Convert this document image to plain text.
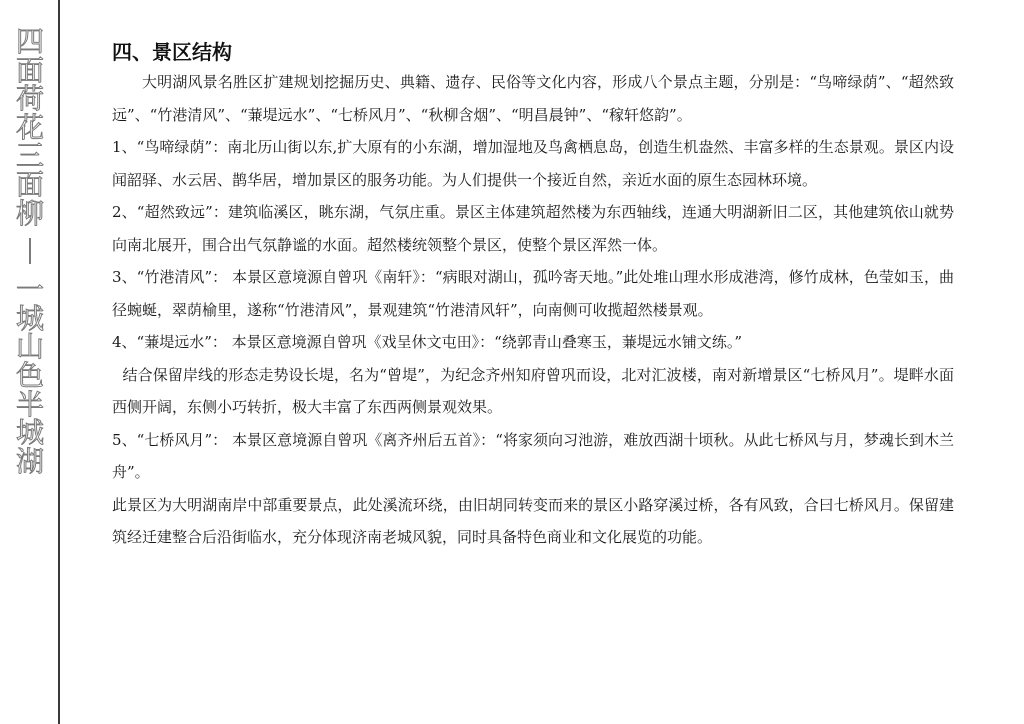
四面荷花三面柳
一城山色半城湖
四、景区结构

大明湖风景名胜区扩建规划挖掘历史、典籍、遗存、民俗等文化内容，形成八个景点主题，分别是：“鸟啼绿荫”、“超然致远”、“竹港清风”、“蒹堤远水”、“七桥风月”、“秋柳含烟”、“明昌晨钟”、“稼轩悠韵”。

1、“鸟啼绿荫”：南北历山街以东,扩大原有的小东湖，增加湿地及鸟禽栖息岛，创造生机盎然、丰富多样的生态景观。景区内设闻韶驿、水云居、鹊华居，增加景区的服务功能。为人们提供一个接近自然，亲近水面的原生态园林环境。

2、“超然致远”：建筑临溪区，眺东湖，气氛庄重。景区主体建筑超然楼为东西轴线，连通大明湖新旧二区，其他建筑依山就势向南北展开，围合出气氛静谧的水面。超然楼统领整个景区，使整个景区浑然一体。

3、“竹港清风”： 本景区意境源自曾巩《南轩》：“病眼对湖山，孤吟寄天地。”此处堆山理水形成港湾，修竹成林，色莹如玉，曲径蜿蜒，翠荫榆里，遂称“竹港清风”，景观建筑“竹港清风轩”，向南侧可收揽超然楼景观。

4、“蒹堤远水”： 本景区意境源自曾巩《戏呈休文屯田》：“绕郭青山叠寒玉，蒹堤远水铺文练。”

结合保留岸线的形态走势设长堤，名为“曾堤”，为纪念齐州知府曾巩而设，北对汇波楼，南对新增景区“七桥风月”。堤畔水面西侧开阔，东侧小巧转折，极大丰富了东西两侧景观效果。

5、“七桥风月”： 本景区意境源自曾巩《离齐州后五首》：“将家须向习池游，难放西湖十顷秋。从此七桥风与月，梦魂长到木兰舟”。

此景区为大明湖南岸中部重要景点，此处溪流环绕，由旧胡同转变而来的景区小路穿溪过桥，各有风致，合曰七桥风月。保留建筑经迁建整合后沿街临水，充分体现济南老城风貌，同时具备特色商业和文化展览的功能。
